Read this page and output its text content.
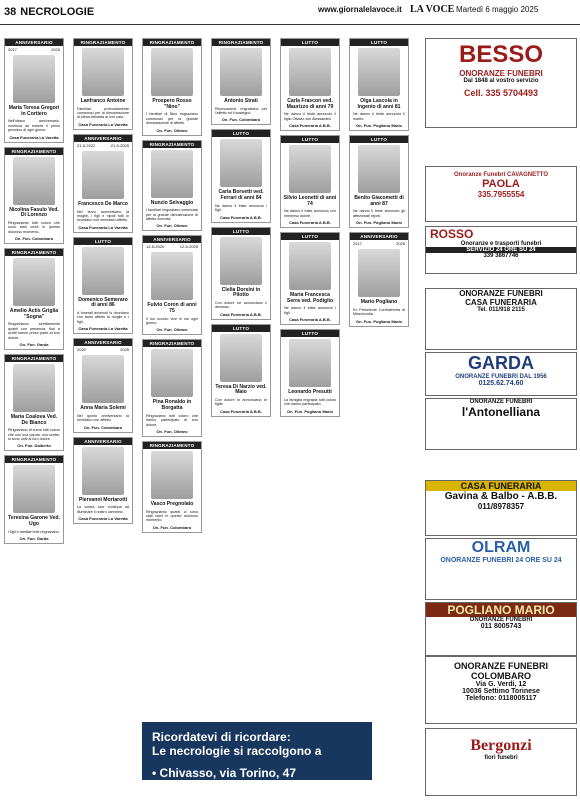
38 NECROLOGIE	www.giornalelavoce.it LA VOCE Martedì 6 maggio 2025
ANNIVERSARIO
2017	2025
Maria Teresa Gregori in Cortiero
Nell'ottavo anniversario, continua ad essere il primo pensiero di ogni giorno.
Casa Funeraria La Varetta
RINGRAZIAMENTO
Nicolina Fasulo Ved. Di Lorenzo
Ringraziamo tutti coloro che sono stati vicini in questo doloroso momento.
On. Fun. Colombaro
RINGRAZIAMENTO
Amelio Actis Griglia "Sogna"
Ringraziamo sentitamente quanti con presenza, fiori e scritti hanno preso parte al loro dolore.
On. Fun. Garda
RINGRAZIAMENTO
Maria Coalova Ved. De Bianco
Ringraziano di cuore tutti coloro che con una parola, uno scritto, si sono uniti al loro dolore.
On. Fun. Dalberto
RINGRAZIAMENTO
Teresina Garone Ved. Ugo
I figli e familiari tutti ringraziano.
On. Fun. Garda
RINGRAZIAMENTO
Lanfranco Antoine
Familiari, profondamente commossi per la dimostrazione di stima tributata al loro caro.
Casa Funeraria La Varetta
ANNIVERSARIO
21-5-2022	21-5-2025
Francesco De Marco
Nel terzo anniversario la moglie, i figli e nipoti tutti lo ricordano con immutato affetto.
Casa Funeraria La Varetta
LUTTO
Domenico Semeraro di anni 86
A funerali avvenuti lo ricordano con tanto affetto la moglie e i figli.
Casa Funeraria La Varetta
ANNIVERSARIO
2020	2025
Anna Maria Solemi
Nel quinto anniversario la ricordano con affetto.
On. Fun. Colombaro
ANNIVERSARIO
Piervanni Mortarotti
La vostra luce continua ad illuminare il nostro cammino.
Casa Funeraria La Varetta
RINGRAZIAMENTO
Prospero Rosso "Nino"
I familiari di Nino ringraziano commossi per la grande dimostrazione di affetto.
On. Fun. Ollearo
RINGRAZIAMENTO
Nunzio Selvaggio
I familiari ringraziano commossi per la grande dimostrazione di affetto ricevuta.
On. Fun. Ollearo
ANNIVERSARIO
12-5-2020	12-5-2025
Fulvio Coron di anni 75
Il tuo ricordo vive in noi ogni giorno.
On. Fun. Ollearo
RINGRAZIAMENTO
Pina Ronaldo in Borgatta
Ringraziano tutti coloro che hanno partecipato al loro dolore.
On. Fun. Ollearo
RINGRAZIAMENTO
Vasco Pregnolato
Ringraziamo quanti ci sono stati vicini in questo doloroso momento.
On. Fun. Colombaro
RINGRAZIAMENTO
Antonio Strati
Riconoscenti, ringraziano per l'affetto ed il sostegno.
On. Fun. Colombaro
LUTTO
Carla Borsetti ved. Ferrari di anni 84
Ne danno il triste annuncio i figli.
Casa Funeraria A.B.B.
LUTTO
Clelia Dorsini in Pilotto
Con dolore ne annunciano il decesso.
Casa Funeraria A.B.B.
LUTTO
Teresa Di Narzio ved. Maio
Con dolore lo annunciano le figlie.
Casa Funeraria A.B.B.
LUTTO
Carla Frascon ved. Maurizzo di anni 79
Ne danno il triste annuncio il figlio Ottavio con Alessandra.
Casa Funeraria A.B.B.
LUTTO
Silvio Leonetti di anni 74
Ne danno il triste annuncio con immenso dolore.
Casa Funeraria A.B.B.
LUTTO
Maria Francesca Serra ved. Podiglio
Ne danno il triste annuncio i figli.
Casa Funeraria A.B.B.
LUTTO
Leonardo Presutti
La famiglia ringrazia tutti coloro che hanno partecipato.
On. Fun. Pogliano Mario
LUTTO
Olga Lascola in Ingenio di anni 81
Ne danno il triste annuncio il marito.
On. Fun. Pogliano Mario
LUTTO
Benito Giacometti di anni 87
Ne danno il triste annuncio gli affezionati nipoti.
On. Fun. Pogliano Mario
ANNIVERSARIO
2017	2025
Mario Pogliano
Ex Presidente Confraternita di Misericordia.
On. Fun. Pogliano Mario
BESSO
ONORANZE FUNEBRI
Dal 1848 al vostro servizio
Cell. 335 5704493
Onoranze Funebri CAVAGNETTO
PAOLA
335.7955554
ROSSO
Onoranze e trasporti funebri
SERVIZIO 24 ORE SU 24
339 3867746
ONORANZE FUNEBRI
CASA FUNERARIA
Tel. 011/918 2115
GARDA
ONORANZE FUNEBRI DAL 1956
0125.62.74.60
ONORANZE FUNEBRI
l'Antonelliana
CASA FUNERARIA
Gavina & Balbo - A.B.B.
011/8978357
OLRAM
ONORANZE FUNEBRI 24 ORE SU 24
POGLIANO MARIO
ONORANZE FUNEBRI
011 8005743
ONORANZE FUNEBRI COLOMBARO
Via G. Verdi, 12
10036 Settimo Torinese
Telefono: 0118005117
Ricordatevi di ricordare:
Le necrologie si raccolgono a
• Chivasso, via Torino, 47
Bergonzi
fiori funebri
